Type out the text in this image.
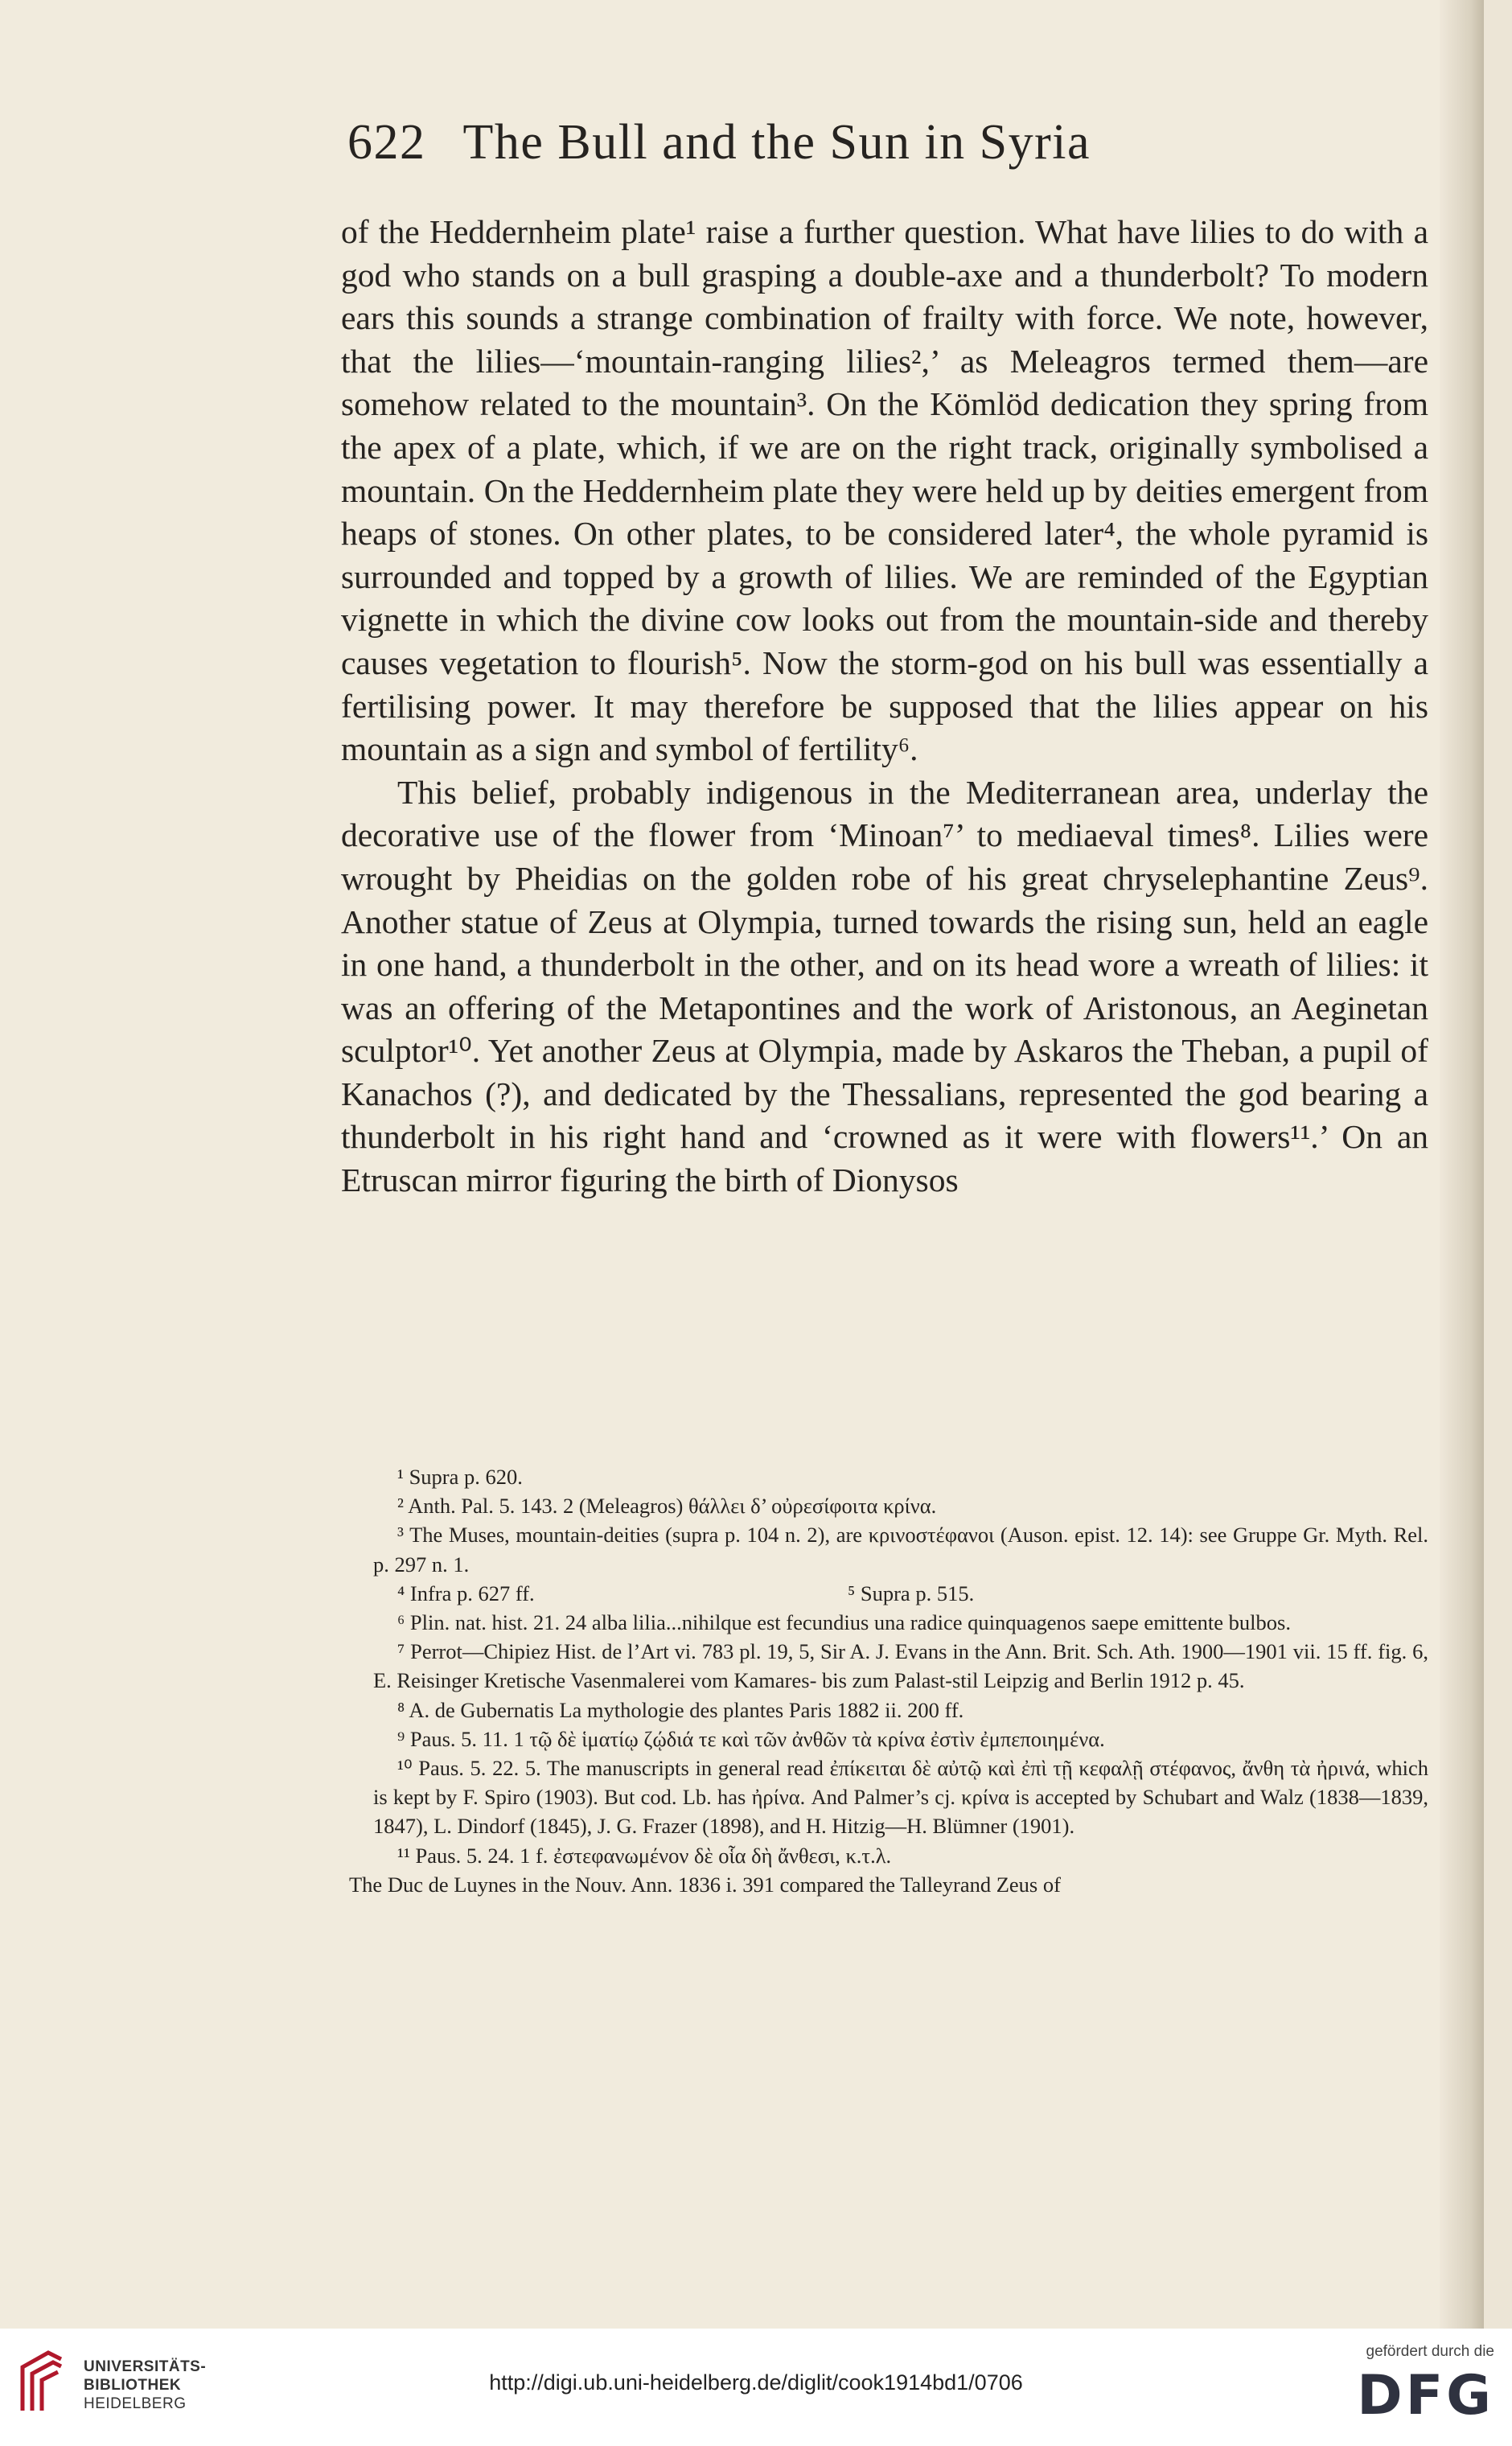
622 The Bull and the Sun in Syria

of the Heddernheim plate¹ raise a further question. What have lilies to do with a god who stands on a bull grasping a double-axe and a thunderbolt? To modern ears this sounds a strange combination of frailty with force. We note, however, that the lilies—‘mountain-ranging lilies²,’ as Meleagros termed them—are somehow related to the mountain³. On the Kömlöd dedication they spring from the apex of a plate, which, if we are on the right track, originally symbolised a mountain. On the Heddernheim plate they were held up by deities emergent from heaps of stones. On other plates, to be considered later⁴, the whole pyramid is surrounded and topped by a growth of lilies. We are reminded of the Egyptian vignette in which the divine cow looks out from the mountain-side and thereby causes vegetation to flourish⁵. Now the storm-god on his bull was essentially a fertilising power. It may therefore be supposed that the lilies appear on his mountain as a sign and symbol of fertility⁶.

This belief, probably indigenous in the Mediterranean area, underlay the decorative use of the flower from ‘Minoan⁷’ to mediaeval times⁸. Lilies were wrought by Pheidias on the golden robe of his great chryselephantine Zeus⁹. Another statue of Zeus at Olympia, turned towards the rising sun, held an eagle in one hand, a thunderbolt in the other, and on its head wore a wreath of lilies: it was an offering of the Metapontines and the work of Aristonous, an Aeginetan sculptor¹⁰. Yet another Zeus at Olympia, made by Askaros the Theban, a pupil of Kanachos (?), and dedicated by the Thessalians, represented the god bearing a thunderbolt in his right hand and ‘crowned as it were with flowers¹¹.’ On an Etruscan mirror figuring the birth of Dionysos

¹ Supra p. 620.

² Anth. Pal. 5. 143. 2 (Meleagros) θάλλει δ’ οὐρεσίφοιτα κρίνα.

³ The Muses, mountain-deities (supra p. 104 n. 2), are κρινοστέφανοι (Auson. epist. 12. 14): see Gruppe Gr. Myth. Rel. p. 297 n. 1.

⁴ Infra p. 627 ff.	⁵ Supra p. 515.

⁶ Plin. nat. hist. 21. 24 alba lilia...nihilque est fecundius una radice quinquagenos saepe emittente bulbos.

⁷ Perrot—Chipiez Hist. de l’Art vi. 783 pl. 19, 5, Sir A. J. Evans in the Ann. Brit. Sch. Ath. 1900—1901 vii. 15 ff. fig. 6, E. Reisinger Kretische Vasenmalerei vom Kamares- bis zum Palast-stil Leipzig and Berlin 1912 p. 45.

⁸ A. de Gubernatis La mythologie des plantes Paris 1882 ii. 200 ff.

⁹ Paus. 5. 11. 1 τῷ δὲ ἱματίῳ ζῴδιά τε καὶ τῶν ἀνθῶν τὰ κρίνα ἐστὶν ἐμπεποιημένα.

¹⁰ Paus. 5. 22. 5. The manuscripts in general read ἐπίκειται δὲ αὐτῷ καὶ ἐπὶ τῇ κεφαλῇ στέφανος, ἄνθη τὰ ἠρινά, which is kept by F. Spiro (1903). But cod. Lb. has ἠρίνα. And Palmer’s cj. κρίνα is accepted by Schubart and Walz (1838—1839, 1847), L. Dindorf (1845), J. G. Frazer (1898), and H. Hitzig—H. Blümner (1901).

¹¹ Paus. 5. 24. 1 f. ἐστεφανωμένον δὲ οἷα δὴ ἄνθεσι, κ.τ.λ.

The Duc de Luynes in the Nouv. Ann. 1836 i. 391 compared the Talleyrand Zeus of

UNIVERSITÄTS-
BIBLIOTHEK
HEIDELBERG
http://digi.ub.uni-heidelberg.de/diglit/cook1914bd1/0706
gefördert durch die
DFG
